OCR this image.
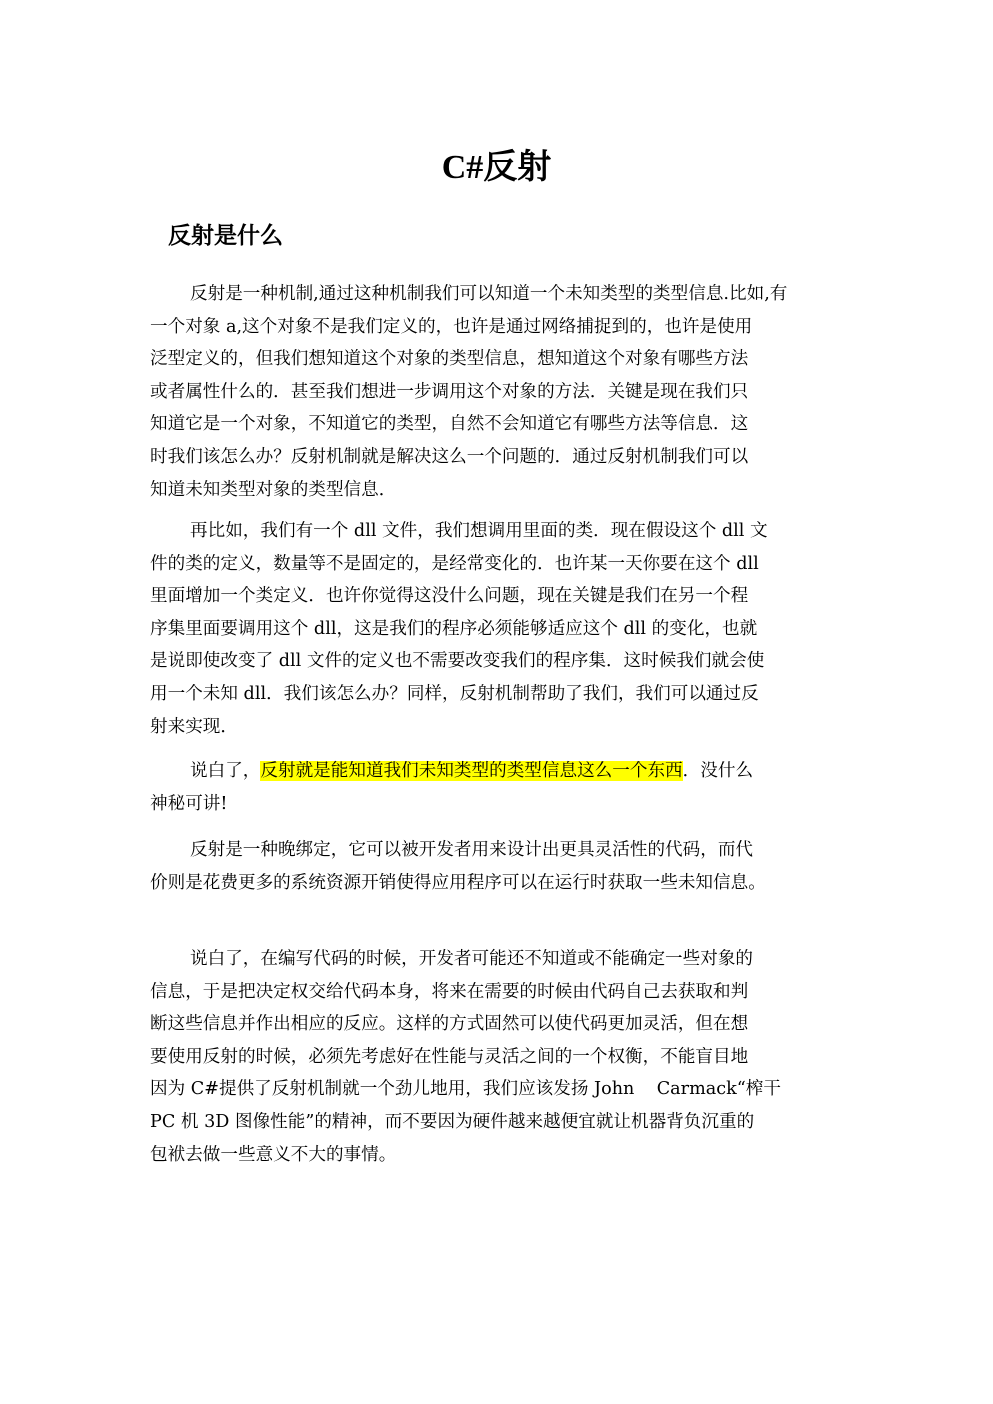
C#反射
反射是什么
反射是一种机制,通过这种机制我们可以知道一个未知类型的类型信息.比如,有
一个对象 a,这个对象不是我们定义的，也许是通过网络捕捉到的，也许是使用
泛型定义的，但我们想知道这个对象的类型信息，想知道这个对象有哪些方法
或者属性什么的．甚至我们想进一步调用这个对象的方法．关键是现在我们只
知道它是一个对象，不知道它的类型，自然不会知道它有哪些方法等信息．这
时我们该怎么办？反射机制就是解决这么一个问题的．通过反射机制我们可以
知道未知类型对象的类型信息．
再比如，我们有一个 dll 文件，我们想调用里面的类．现在假设这个 dll 文
件的类的定义，数量等不是固定的，是经常变化的．也许某一天你要在这个 dll
里面增加一个类定义．也许你觉得这没什么问题，现在关键是我们在另一个程
序集里面要调用这个 dll，这是我们的程序必须能够适应这个 dll 的变化，也就
是说即使改变了 dll 文件的定义也不需要改变我们的程序集．这时候我们就会使
用一个未知 dll．我们该怎么办？同样，反射机制帮助了我们，我们可以通过反
射来实现．
说白了，反射就是能知道我们未知类型的类型信息这么一个东西．没什么
神秘可讲!
反射是一种晚绑定，它可以被开发者用来设计出更具灵活性的代码，而代
价则是花费更多的系统资源开销使得应用程序可以在运行时获取一些未知信息。
说白了，在编写代码的时候，开发者可能还不知道或不能确定一些对象的
信息，于是把决定权交给代码本身，将来在需要的时候由代码自己去获取和判
断这些信息并作出相应的反应。这样的方式固然可以使代码更加灵活，但在想
要使用反射的时候，必须先考虑好在性能与灵活之间的一个权衡，不能盲目地
因为 C#提供了反射机制就一个劲儿地用，我们应该发扬 John    Carmack“榨干
PC 机 3D 图像性能”的精神，而不要因为硬件越来越便宜就让机器背负沉重的
包袱去做一些意义不大的事情。
